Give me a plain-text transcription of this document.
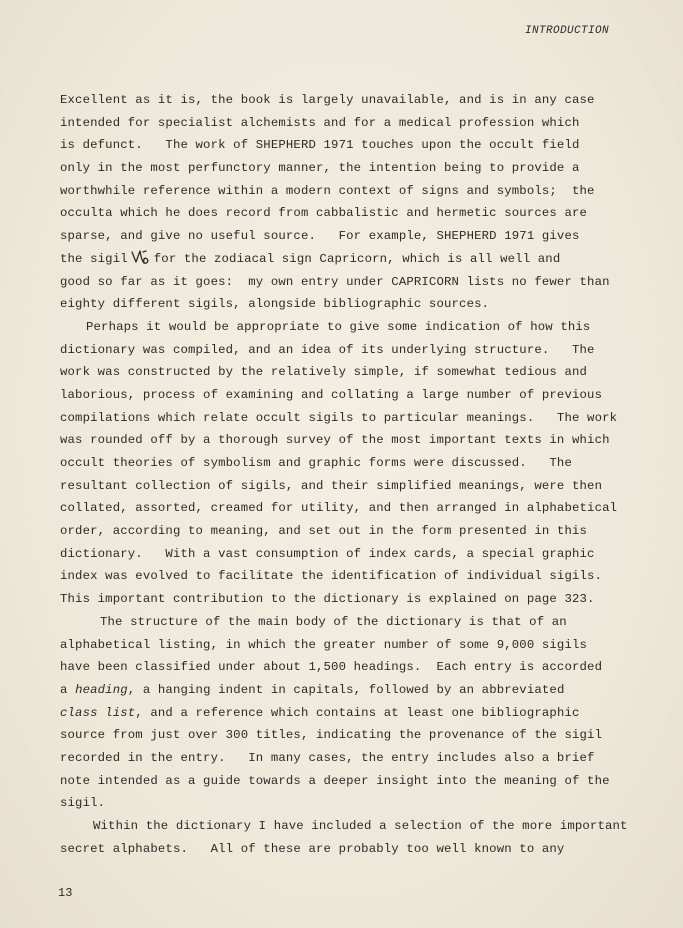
INTRODUCTION
Excellent as it is, the book is largely unavailable, and is in any case
intended for specialist alchemists and for a medical profession which
is defunct.   The work of SHEPHERD 1971 touches upon the occult field
only in the most perfunctory manner, the intention being to provide a
worthwhile reference within a modern context of signs and symbols;  the
occulta which he does record from cabbalistic and hermetic sources are
sparse, and give no useful source.   For example, SHEPHERD 1971 gives
the sigil for the zodiacal sign Capricorn, which is all well and
good so far as it goes:  my own entry under CAPRICORN lists no fewer than
eighty different sigils, alongside bibliographic sources.
Perhaps it would be appropriate to give some indication of how this
dictionary was compiled, and an idea of its underlying structure.   The
work was constructed by the relatively simple, if somewhat tedious and
laborious, process of examining and collating a large number of previous
compilations which relate occult sigils to particular meanings.   The work
was rounded off by a thorough survey of the most important texts in which
occult theories of symbolism and graphic forms were discussed.   The
resultant collection of sigils, and their simplified meanings, were then
collated, assorted, creamed for utility, and then arranged in alphabetical
order, according to meaning, and set out in the form presented in this
dictionary.   With a vast consumption of index cards, a special graphic
index was evolved to facilitate the identification of individual sigils.
This important contribution to the dictionary is explained on page 323.
The structure of the main body of the dictionary is that of an
alphabetical listing, in which the greater number of some 9,000 sigils
have been classified under about 1,500 headings.  Each entry is accorded
a heading, a hanging indent in capitals, followed by an abbreviated
class list, and a reference which contains at least one bibliographic
source from just over 300 titles, indicating the provenance of the sigil
recorded in the entry.   In many cases, the entry includes also a brief
note intended as a guide towards a deeper insight into the meaning of the
sigil.
Within the dictionary I have included a selection of the more important
secret alphabets.   All of these are probably too well known to any
13
